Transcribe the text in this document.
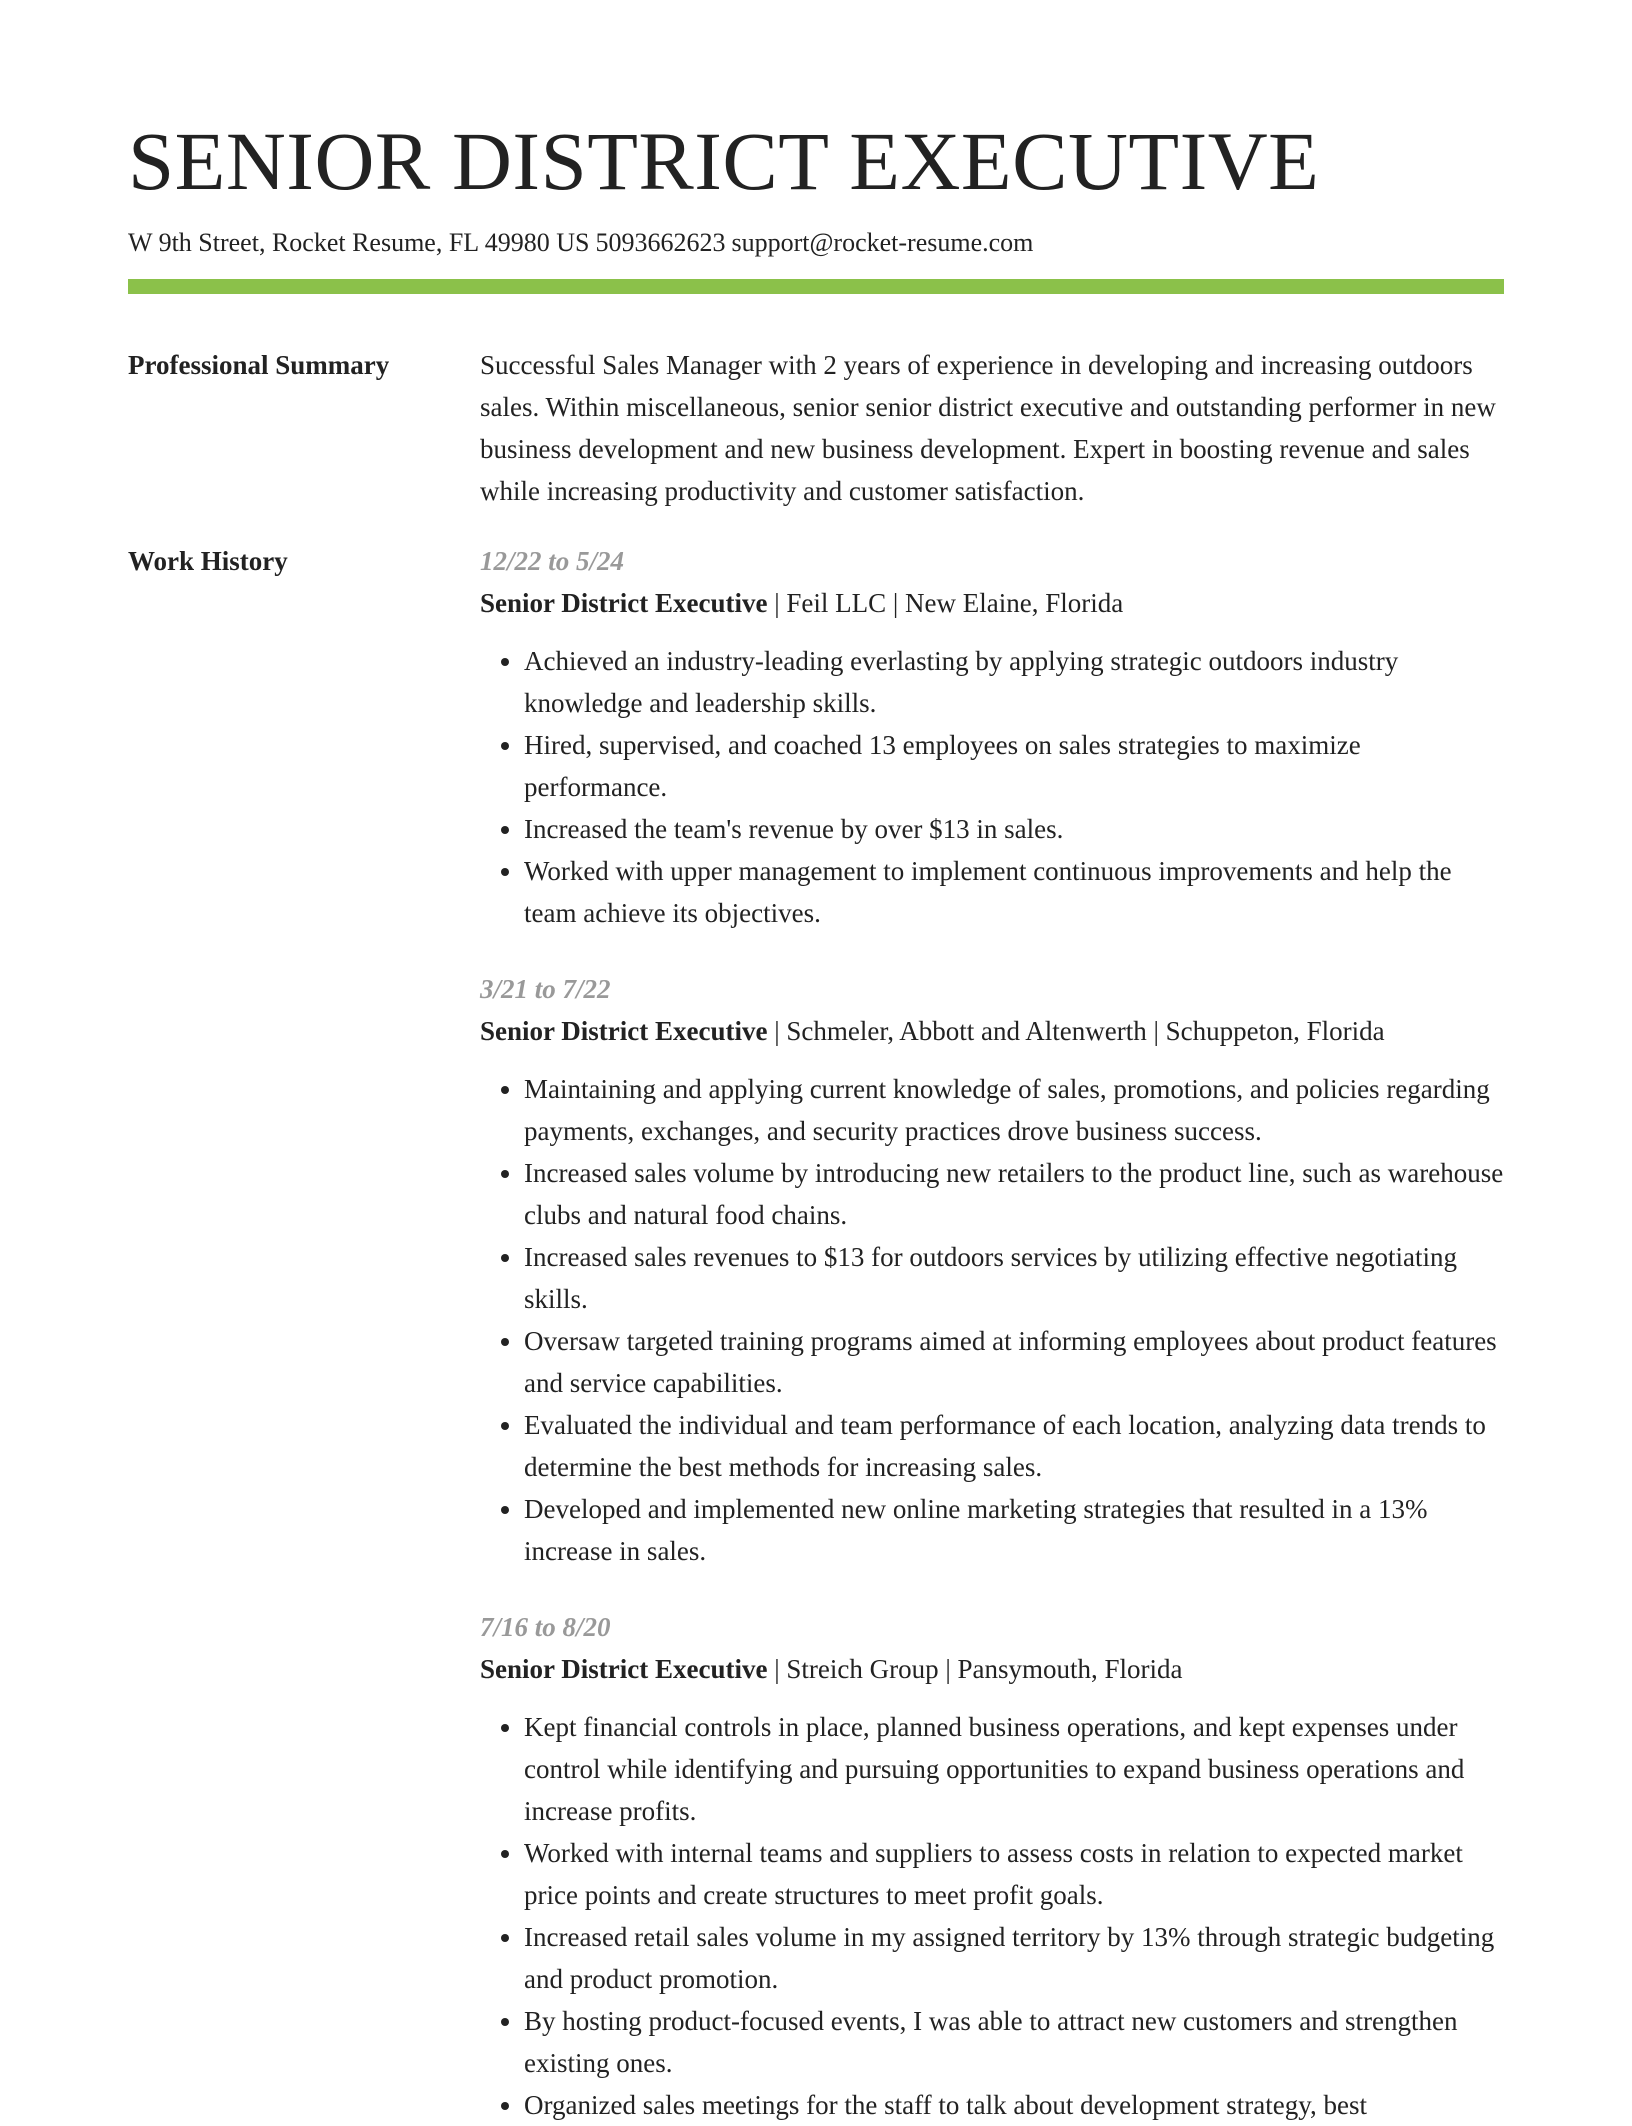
SENIOR DISTRICT EXECUTIVE
W 9th Street, Rocket Resume, FL 49980 US 5093662623 support@rocket-resume.com
Professional Summary	Successful Sales Manager with 2 years of experience in developing and increasing outdoors sales. Within miscellaneous, senior senior district executive and outstanding performer in new business development and new business development. Expert in boosting revenue and sales while increasing productivity and customer satisfaction.
Work History	12/22 to 5/24
Senior District Executive | Feil LLC | New Elaine, Florida
• Achieved an industry-leading everlasting by applying strategic outdoors industry knowledge and leadership skills.
• Hired, supervised, and coached 13 employees on sales strategies to maximize performance.
• Increased the team's revenue by over $13 in sales.
• Worked with upper management to implement continuous improvements and help the team achieve its objectives.
3/21 to 7/22
Senior District Executive | Schmeler, Abbott and Altenwerth | Schuppeton, Florida
• Maintaining and applying current knowledge of sales, promotions, and policies regarding payments, exchanges, and security practices drove business success.
• Increased sales volume by introducing new retailers to the product line, such as warehouse clubs and natural food chains.
• Increased sales revenues to $13 for outdoors services by utilizing effective negotiating skills.
• Oversaw targeted training programs aimed at informing employees about product features and service capabilities.
• Evaluated the individual and team performance of each location, analyzing data trends to determine the best methods for increasing sales.
• Developed and implemented new online marketing strategies that resulted in a 13% increase in sales.
7/16 to 8/20
Senior District Executive | Streich Group | Pansymouth, Florida
• Kept financial controls in place, planned business operations, and kept expenses under control while identifying and pursuing opportunities to expand business operations and increase profits.
• Worked with internal teams and suppliers to assess costs in relation to expected market price points and create structures to meet profit goals.
• Increased retail sales volume in my assigned territory by 13% through strategic budgeting and product promotion.
• By hosting product-focused events, I was able to attract new customers and strengthen existing ones.
• Organized sales meetings for the staff to talk about development strategy, best
